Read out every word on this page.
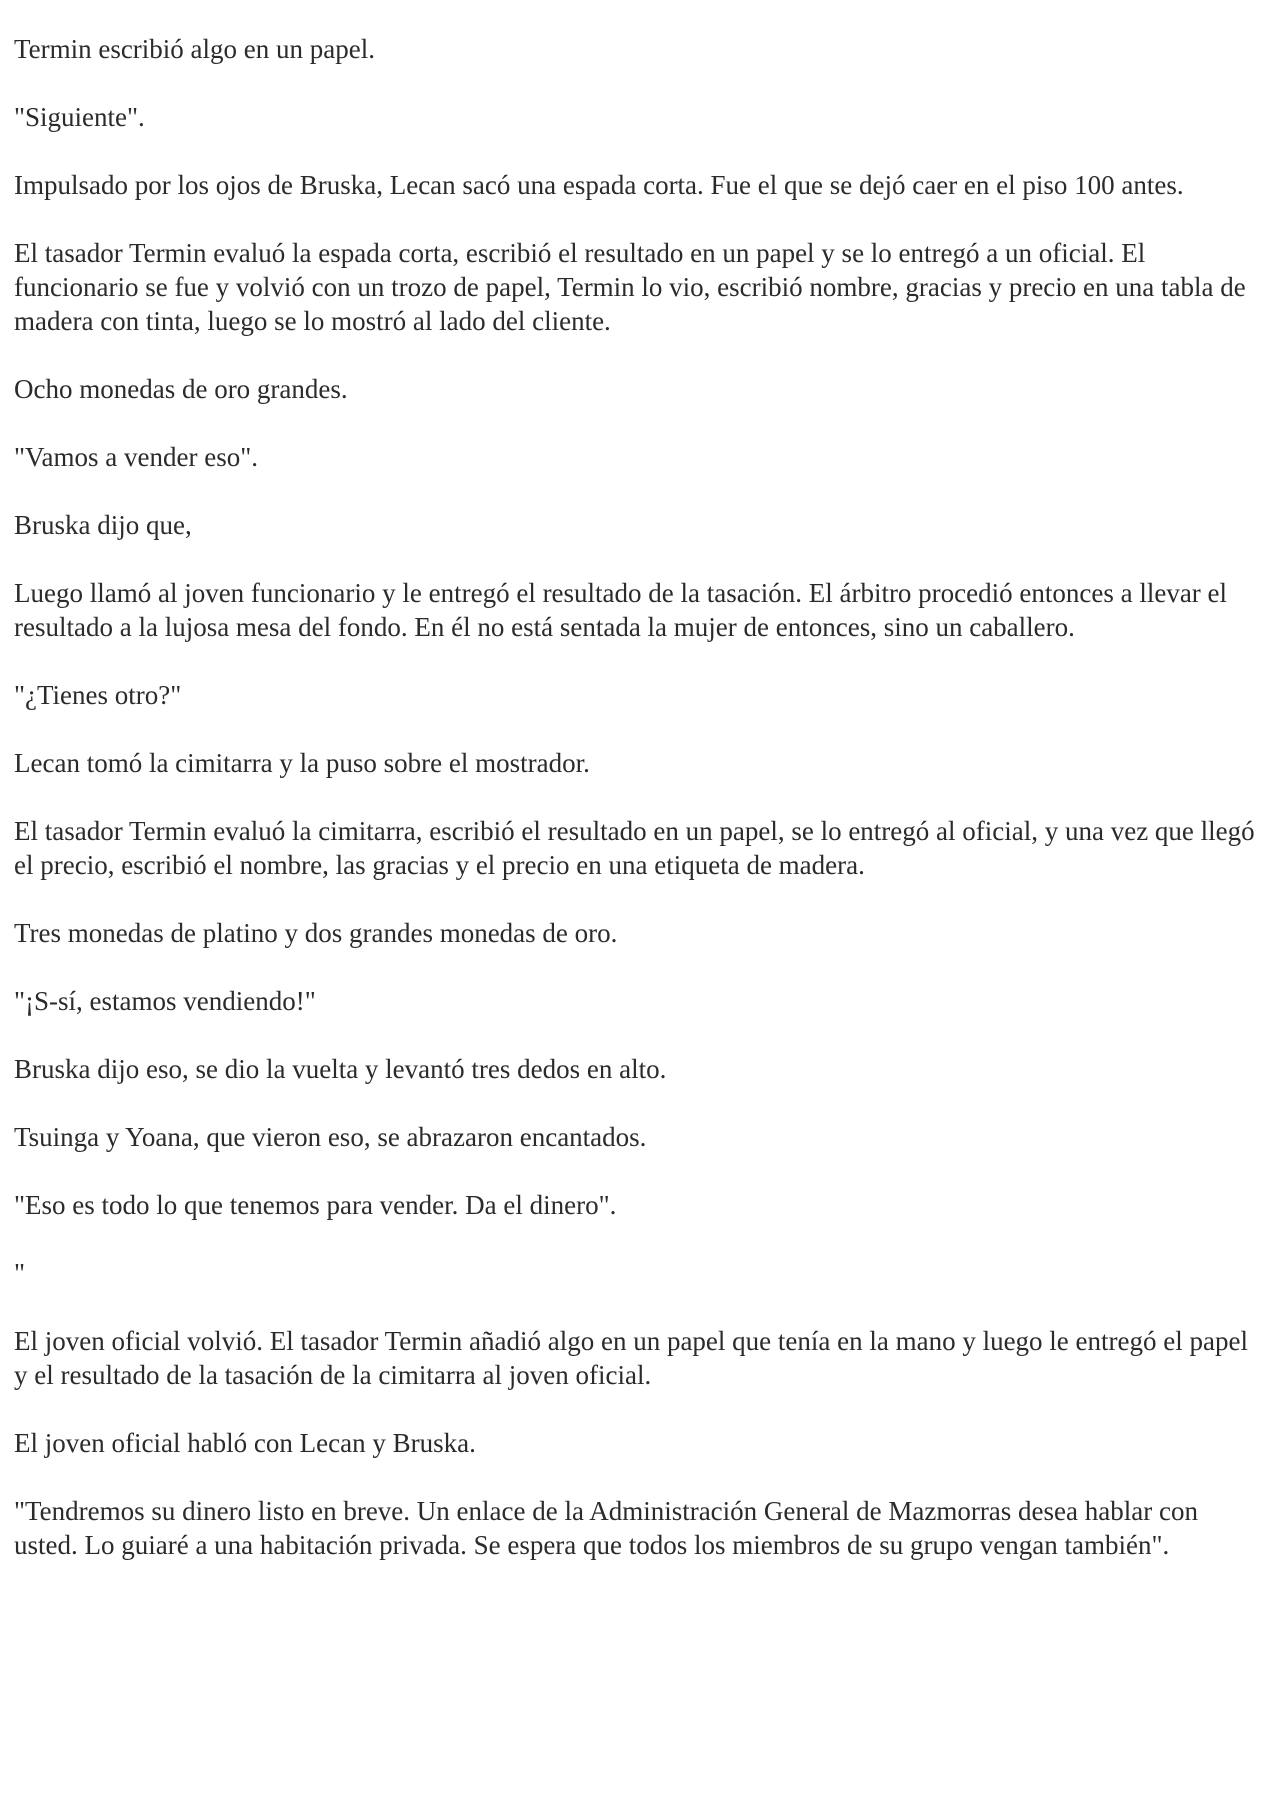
Termin escribió algo en un papel.

"Siguiente".

Impulsado por los ojos de Bruska, Lecan sacó una espada corta. Fue el que se dejó caer en el piso 100 antes.

El tasador Termin evaluó la espada corta, escribió el resultado en un papel y se lo entregó a un oficial. El funcionario se fue y volvió con un trozo de papel, Termin lo vio, escribió nombre, gracias y precio en una tabla de madera con tinta, luego se lo mostró al lado del cliente.

Ocho monedas de oro grandes.

"Vamos a vender eso".

Bruska dijo que,

Luego llamó al joven funcionario y le entregó el resultado de la tasación. El árbitro procedió entonces a llevar el resultado a la lujosa mesa del fondo. En él no está sentada la mujer de entonces, sino un caballero.

"¿Tienes otro?"

Lecan tomó la cimitarra y la puso sobre el mostrador.

El tasador Termin evaluó la cimitarra, escribió el resultado en un papel, se lo entregó al oficial, y una vez que llegó el precio, escribió el nombre, las gracias y el precio en una etiqueta de madera.

Tres monedas de platino y dos grandes monedas de oro.

"¡S-sí, estamos vendiendo!"

Bruska dijo eso, se dio la vuelta y levantó tres dedos en alto.

Tsuinga y Yoana, que vieron eso, se abrazaron encantados.

"Eso es todo lo que tenemos para vender. Da el dinero".

"

El joven oficial volvió. El tasador Termin añadió algo en un papel que tenía en la mano y luego le entregó el papel y el resultado de la tasación de la cimitarra al joven oficial.

El joven oficial habló con Lecan y Bruska.

"Tendremos su dinero listo en breve. Un enlace de la Administración General de Mazmorras desea hablar con usted. Lo guiaré a una habitación privada. Se espera que todos los miembros de su grupo vengan también".
